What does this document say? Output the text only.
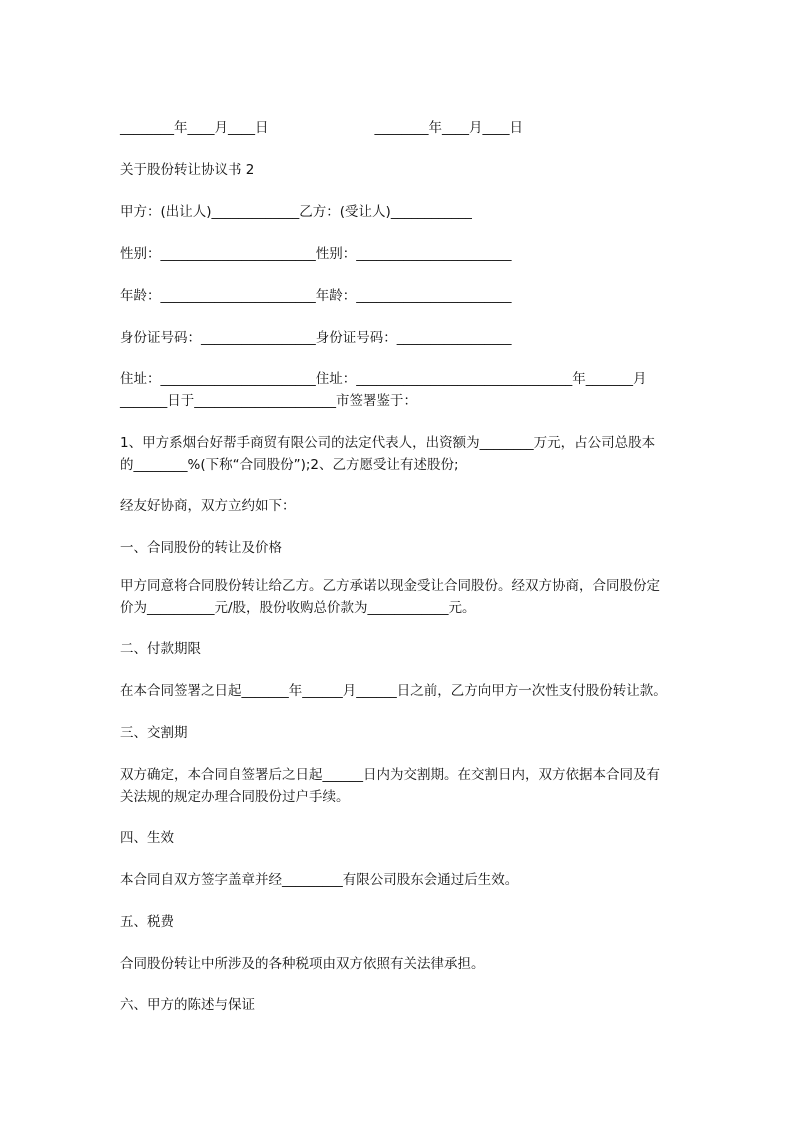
________年____月____日	________年____月____日
关于股份转让协议书 2
甲方：(出让人)_____________乙方：(受让人)____________
性别：_______________________性别：_______________________
年龄：_______________________年龄：_______________________
身份证号码：_________________身份证号码：_________________
住址：_______________________住址：________________________________年_______月
_______日于_____________________市签署鉴于：
1、甲方系烟台好帮手商贸有限公司的法定代表人，出资额为________万元，占公司总股本
的________%(下称“合同股份”);2、乙方愿受让有述股份;
经友好协商，双方立约如下：
一、合同股份的转让及价格
甲方同意将合同股份转让给乙方。乙方承诺以现金受让合同股份。经双方协商，合同股份定
价为__________元/股，股份收购总价款为____________元。
二、付款期限
在本合同签署之日起_______年______月______日之前，乙方向甲方一次性支付股份转让款。
三、交割期
双方确定，本合同自签署后之日起______日内为交割期。在交割日内，双方依据本合同及有
关法规的规定办理合同股份过户手续。
四、生效
本合同自双方签字盖章并经_________有限公司股东会通过后生效。
五、税费
合同股份转让中所涉及的各种税项由双方依照有关法律承担。
六、甲方的陈述与保证
